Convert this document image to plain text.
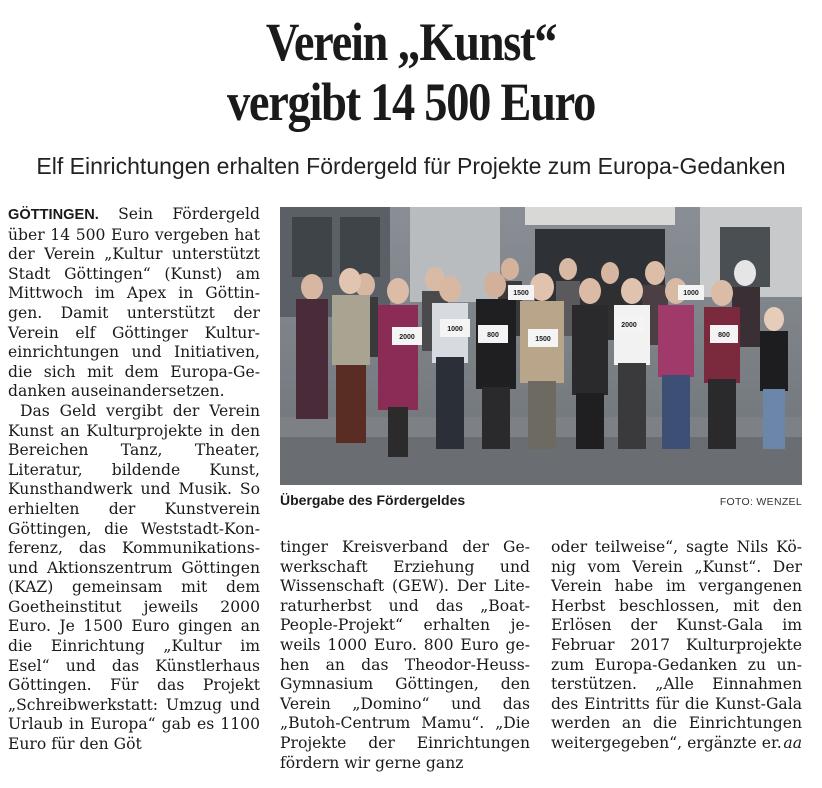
Verein „Kunst“
vergibt 14 500 Euro
Elf Einrichtungen erhalten Fördergeld für Projekte zum Europa-Gedanken

GÖTTINGEN. Sein Fördergeld über 14 500 Euro vergeben hat der Verein „Kultur unterstützt Stadt Göttingen“ (Kunst) am Mittwoch im Apex in Göttingen. Damit unterstützt der Verein elf Göttinger Kultureinrichtungen und Initiativen, die sich mit dem Europa-Gedanken auseinandersetzen.

Das Geld vergibt der Verein Kunst an Kulturprojekte in den Bereichen Tanz, Theater, Literatur, bildende Kunst, Kunsthandwerk und Musik. So erhielten der Kunstverein Göttingen, die Weststadt-Konferenz, das Kommunikations- und Aktionszentrum Göttingen (KAZ) gemeinsam mit dem Goetheinstitut jeweils 2000 Euro. Je 1500 Euro gingen an die Einrichtung „Kultur im Esel“ und das Künstlerhaus Göttingen. Für das Projekt „Schreibwerkstatt: Umzug und Urlaub in Europa“ gab es 1100 Euro für den Göt

2000
1000
800
1500
1500
2000
800
1000
Übergabe des Fördergeldes	FOTO: WENZEL

tinger Kreisverband der Gewerkschaft Erziehung und Wissenschaft (GEW). Der Literaturherbst und das „Boat-People-Projekt“ erhalten jeweils 1000 Euro. 800 Euro gehen an das Theodor-Heuss-Gymnasium Göttingen, den Verein „Domino“ und das „Butoh-Centrum Mamu“. „Die Projekte der Einrichtungen fördern wir gerne ganz

oder teilweise“, sagte Nils König vom Verein „Kunst“. Der Verein habe im vergangenen Herbst beschlossen, mit den Erlösen der Kunst-Gala im Februar 2017 Kulturprojekte zum Europa-Gedanken zu unterstützen. „Alle Einnahmen des Eintritts für die Kunst-Gala werden an die Einrichtungen weitergegeben“, ergänzte er. aa
